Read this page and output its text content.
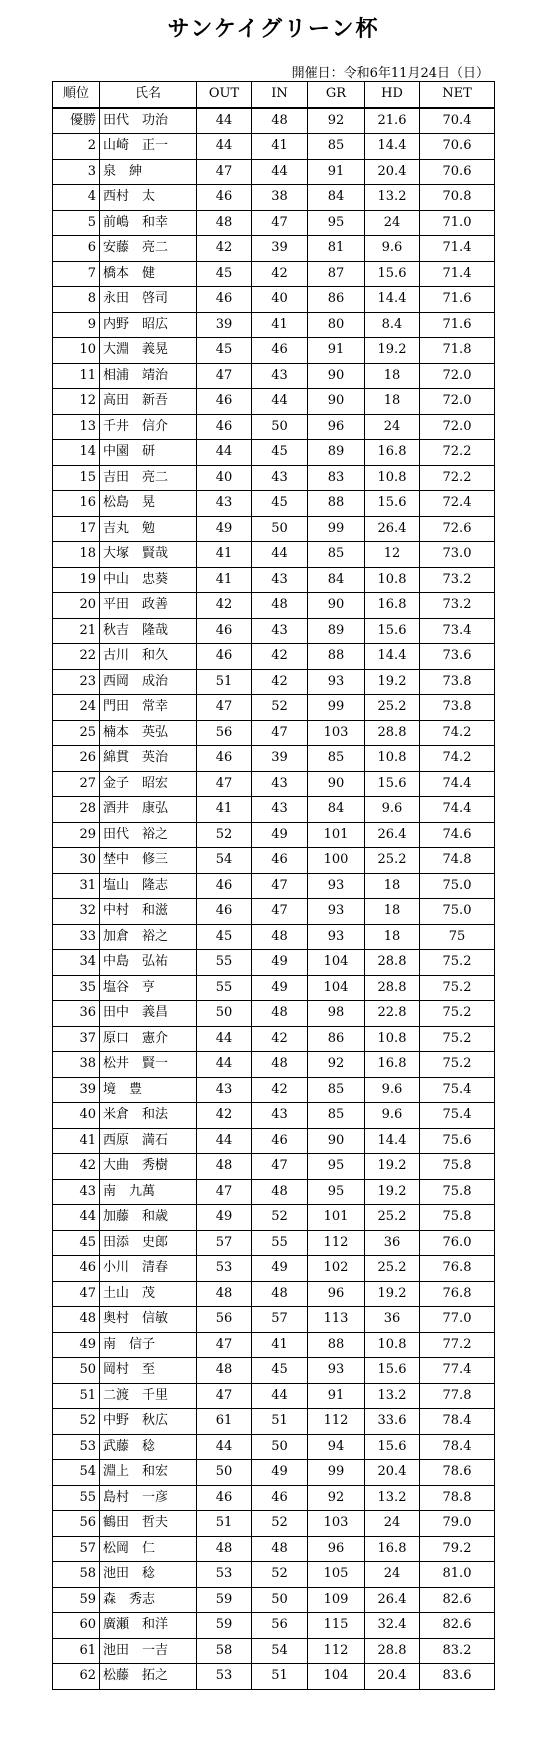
サンケイグリーン杯
開催日：令和6年11月24日（日）
順位	氏名	OUT	IN	GR	HD	NET
優勝	田代　功治	44	48	92	21.6	70.4
2	山崎　正一	44	41	85	14.4	70.6
3	泉　紳	47	44	91	20.4	70.6
4	西村　太	46	38	84	13.2	70.8
5	前嶋　和幸	48	47	95	24	71.0
6	安藤　亮二	42	39	81	9.6	71.4
7	橋本　健	45	42	87	15.6	71.4
8	永田　啓司	46	40	86	14.4	71.6
9	内野　昭広	39	41	80	8.4	71.6
10	大淵　義晃	45	46	91	19.2	71.8
11	相浦　靖治	47	43	90	18	72.0
12	高田　新吾	46	44	90	18	72.0
13	千井　信介	46	50	96	24	72.0
14	中園　研	44	45	89	16.8	72.2
15	吉田　亮二	40	43	83	10.8	72.2
16	松島　晃	43	45	88	15.6	72.4
17	吉丸　勉	49	50	99	26.4	72.6
18	大塚　賢哉	41	44	85	12	73.0
19	中山　忠葵	41	43	84	10.8	73.2
20	平田　政善	42	48	90	16.8	73.2
21	秋吉　隆哉	46	43	89	15.6	73.4
22	古川　和久	46	42	88	14.4	73.6
23	西岡　成治	51	42	93	19.2	73.8
24	門田　常幸	47	52	99	25.2	73.8
25	楠本　英弘	56	47	103	28.8	74.2
26	綿貫　英治	46	39	85	10.8	74.2
27	金子　昭宏	47	43	90	15.6	74.4
28	酒井　康弘	41	43	84	9.6	74.4
29	田代　裕之	52	49	101	26.4	74.6
30	埜中　修三	54	46	100	25.2	74.8
31	塩山　隆志	46	47	93	18	75.0
32	中村　和滋	46	47	93	18	75.0
33	加倉　裕之	45	48	93	18	75
34	中島　弘祐	55	49	104	28.8	75.2
35	塩谷　亨	55	49	104	28.8	75.2
36	田中　義昌	50	48	98	22.8	75.2
37	原口　憲介	44	42	86	10.8	75.2
38	松井　賢一	44	48	92	16.8	75.2
39	境　豊	43	42	85	9.6	75.4
40	米倉　和法	42	43	85	9.6	75.4
41	西原　満石	44	46	90	14.4	75.6
42	大曲　秀樹	48	47	95	19.2	75.8
43	南　九萬	47	48	95	19.2	75.8
44	加藤　和歳	49	52	101	25.2	75.8
45	田添　史郎	57	55	112	36	76.0
46	小川　清春	53	49	102	25.2	76.8
47	土山　茂	48	48	96	19.2	76.8
48	奥村　信敏	56	57	113	36	77.0
49	南　信子	47	41	88	10.8	77.2
50	岡村　至	48	45	93	15.6	77.4
51	二渡　千里	47	44	91	13.2	77.8
52	中野　秋広	61	51	112	33.6	78.4
53	武藤　稔	44	50	94	15.6	78.4
54	淵上　和宏	50	49	99	20.4	78.6
55	島村　一彦	46	46	92	13.2	78.8
56	鶴田　哲夫	51	52	103	24	79.0
57	松岡　仁	48	48	96	16.8	79.2
58	池田　稔	53	52	105	24	81.0
59	森　秀志	59	50	109	26.4	82.6
60	廣瀬　和洋	59	56	115	32.4	82.6
61	池田　一吉	58	54	112	28.8	83.2
62	松藤　拓之	53	51	104	20.4	83.6
